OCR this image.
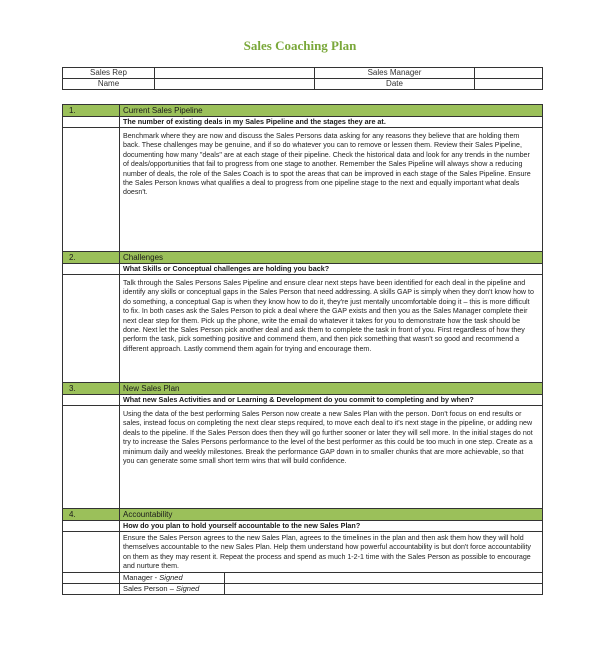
Sales Coaching Plan
Sales Rep		Sales Manager	
Name		Date	
1.	Current Sales Pipeline	
	The number of existing deals in my Sales Pipeline and the stages they are at.	
	Benchmark where they are now and discuss the Sales Persons data asking for any reasons they believe that are holding them back. These challenges may be genuine, and if so do whatever you can to remove or lessen them. Review their Sales Pipeline, documenting how many "deals" are at each stage of their pipeline. Check the historical data and look for any trends in the number of deals/opportunities that fail to progress from one stage to another. Remember the Sales Pipeline will always show a reducing number of deals, the role of the Sales Coach is to spot the areas that can be improved in each stage of the Sales Pipeline. Ensure the Sales Person knows what qualifies a deal to progress from one pipeline stage to the next and equally important what deals doesn't.	
2.	Challenges	
	What Skills or Conceptual challenges are holding you back?	
	Talk through the Sales Persons Sales Pipeline and ensure clear next steps have been identified for each deal in the pipeline and identify any skills or conceptual gaps in the Sales Person that need addressing. A skills GAP is simply when they don't know how to do something, a conceptual Gap is when they know how to do it, they're just mentally uncomfortable doing it – this is more difficult to fix. In both cases ask the Sales Person to pick a deal where the GAP exists and then you as the Sales Manager complete their next clear step for them. Pick up the phone, write the email do whatever it takes for you to demonstrate how the task should be done. Next let the Sales Person pick another deal and ask them to complete the task in front of you. First regardless of how they perform the task, pick something positive and commend them, and then pick something that wasn't so good and recommend a different approach. Lastly commend them again for trying and encourage them.	
3.	New Sales Plan	
	What new Sales Activities and or Learning & Development do you commit to completing and by when?	
	Using the data of the best performing Sales Person now create a new Sales Plan with the person. Don't focus on end results or sales, instead focus on completing the next clear steps required, to move each deal to it's next stage in the pipeline, or adding new deals to the pipeline. If the Sales Person does then they will go further sooner or later they will sell more. In the initial stages do not try to increase the Sales Persons performance to the level of the best performer as this could be too much in one step. Create as a minimum daily and weekly milestones. Break the performance GAP down in to smaller chunks that are more achievable, so that you can generate some small short term wins that will build confidence.	
4.	Accountability	
	How do you plan to hold yourself accountable to the new Sales Plan?	
	Ensure the Sales Person agrees to the new Sales Plan, agrees to the timelines in the plan and then ask them how they will hold themselves accountable to the new Sales Plan. Help them understand how powerful accountability is but don't force accountability on them as they may resent it. Repeat the process and spend as much 1-2-1 time with the Sales Person as possible to encourage and nurture them.	
	Manager - Signed	
	Sales Person – Signed	
